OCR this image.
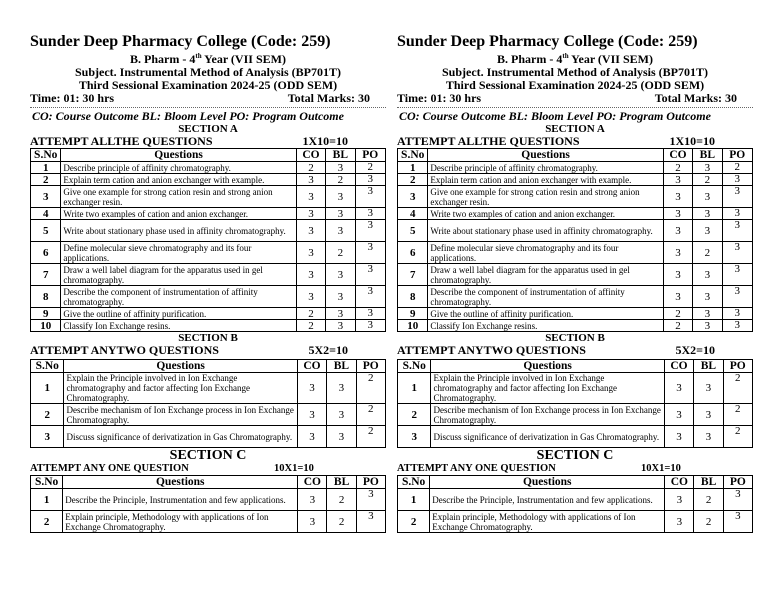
Sunder Deep Pharmacy College (Code: 259)
B. Pharm - 4th Year (VII SEM)
Subject. Instrumental Method of Analysis (BP701T)
Third Sessional Examination 2024-25 (ODD SEM)
Time: 01: 30 hrs	Total Marks: 30
CO: Course Outcome BL: Bloom Level PO: Program Outcome
SECTION A
ATTEMPT ALLTHE QUESTIONS	1X10=10
S.No	Questions	CO	BL	PO
1	Describe principle of affinity chromatography.	2	3	2
2	Explain term cation and anion exchanger with example.	3	2	3
3	Give one example for strong cation resin and strong anion exchanger resin.	3	3	3
4	Write two examples of cation and anion exchanger.	3	3	3
5	Write about stationary phase used in affinity chromatography.	3	3	3
6	Define molecular sieve chromatography and its four applications.	3	2	3
7	Draw a well label diagram for the apparatus used in gel chromatography.	3	3	3
8	Describe the component of instrumentation of affinity chromatography.	3	3	3
9	Give the outline of affinity purification.	2	3	3
10	Classify Ion Exchange resins.	2	3	3
SECTION B
ATTEMPT ANYTWO QUESTIONS	5X2=10
S.No	Questions	CO	BL	PO
1	Explain the Principle involved in Ion Exchange chromatography and factor affecting Ion Exchange Chromatography.	3	3	2
2	Describe mechanism of Ion Exchange process in Ion Exchange Chromatography.	3	3	2
3	Discuss significance of derivatization in Gas Chromatography.	3	3	2
SECTION C
ATTEMPT ANY ONE QUESTION	10X1=10
S.No	Questions	CO	BL	PO
1	Describe the Principle, Instrumentation and few applications.	3	2	3
2	Explain principle, Methodology with applications of Ion Exchange Chromatography.	3	2	3
Sunder Deep Pharmacy College (Code: 259)
B. Pharm - 4th Year (VII SEM)
Subject. Instrumental Method of Analysis (BP701T)
Third Sessional Examination 2024-25 (ODD SEM)
Time: 01: 30 hrs	Total Marks: 30
CO: Course Outcome BL: Bloom Level PO: Program Outcome
SECTION A
ATTEMPT ALLTHE QUESTIONS	1X10=10
S.No	Questions	CO	BL	PO
1	Describe principle of affinity chromatography.	2	3	2
2	Explain term cation and anion exchanger with example.	3	2	3
3	Give one example for strong cation resin and strong anion exchanger resin.	3	3	3
4	Write two examples of cation and anion exchanger.	3	3	3
5	Write about stationary phase used in affinity chromatography.	3	3	3
6	Define molecular sieve chromatography and its four applications.	3	2	3
7	Draw a well label diagram for the apparatus used in gel chromatography.	3	3	3
8	Describe the component of instrumentation of affinity chromatography.	3	3	3
9	Give the outline of affinity purification.	2	3	3
10	Classify Ion Exchange resins.	2	3	3
SECTION B
ATTEMPT ANYTWO QUESTIONS	5X2=10
S.No	Questions	CO	BL	PO
1	Explain the Principle involved in Ion Exchange chromatography and factor affecting Ion Exchange Chromatography.	3	3	2
2	Describe mechanism of Ion Exchange process in Ion Exchange Chromatography.	3	3	2
3	Discuss significance of derivatization in Gas Chromatography.	3	3	2
SECTION C
ATTEMPT ANY ONE QUESTION	10X1=10
S.No	Questions	CO	BL	PO
1	Describe the Principle, Instrumentation and few applications.	3	2	3
2	Explain principle, Methodology with applications of Ion Exchange Chromatography.	3	2	3
